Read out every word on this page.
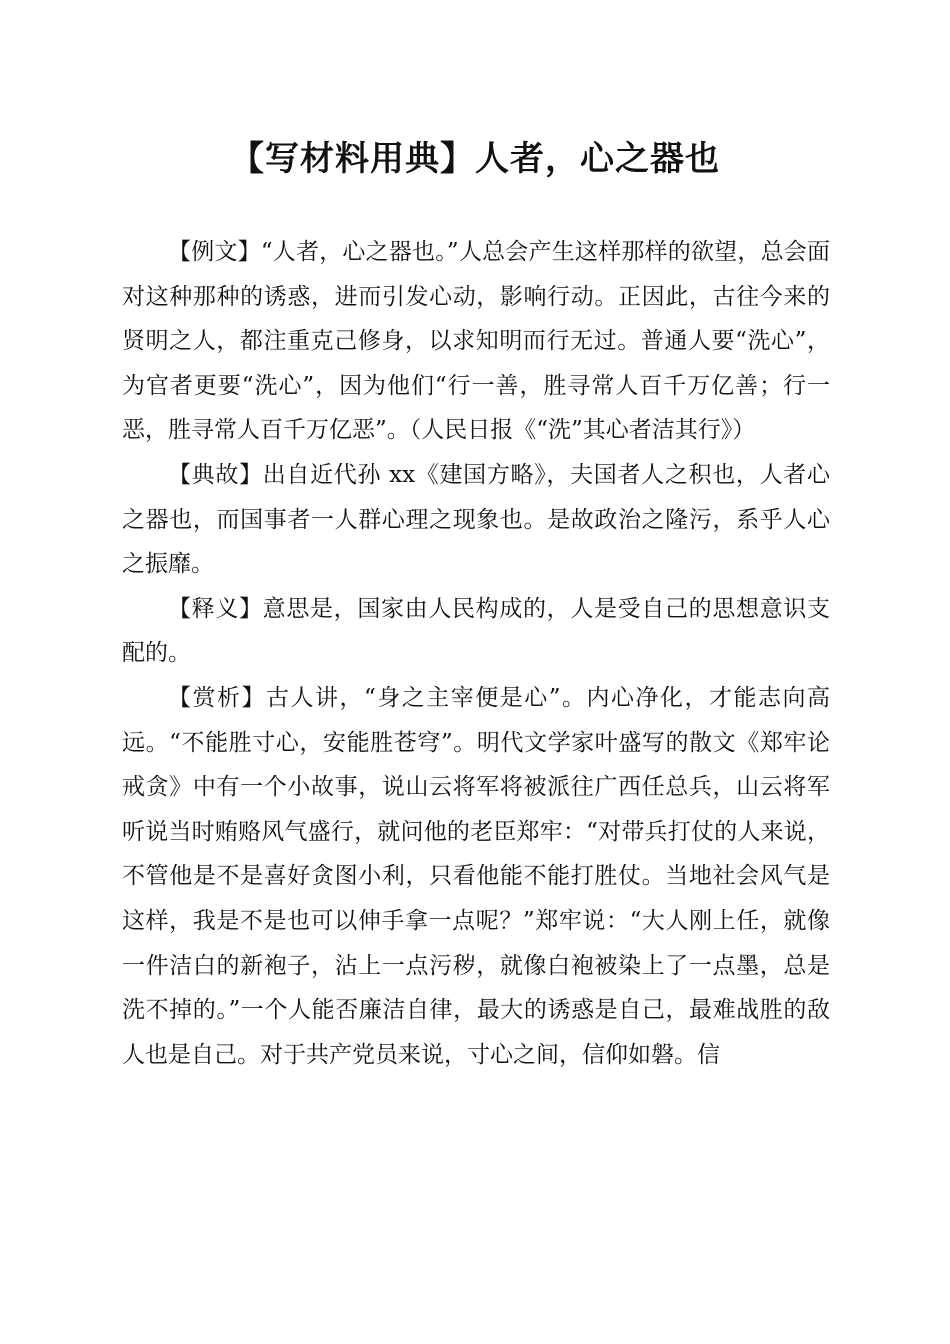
【写材料用典】人者，心之器也

【例文】“人者，心之器也。”人总会产生这样那样的欲望，总会面对这种那种的诱惑，进而引发心动，影响行动。正因此，古往今来的贤明之人，都注重克己修身，以求知明而行无过。普通人要“洗心”，为官者更要“洗心”，因为他们“行一善，胜寻常人百千万亿善；行一恶，胜寻常人百千万亿恶”。（人民日报《“洗”其心者洁其行》）

【典故】出自近代孙 xx《建国方略》，夫国者人之积也，人者心之器也，而国事者一人群心理之现象也。是故政治之隆污，系乎人心之振靡。

【释义】意思是，国家由人民构成的，人是受自己的思想意识支配的。

【赏析】古人讲，“身之主宰便是心”。内心净化，才能志向高远。“不能胜寸心，安能胜苍穹”。明代文学家叶盛写的散文《郑牢论戒贪》中有一个小故事，说山云将军将被派往广西任总兵，山云将军听说当时贿赂风气盛行，就问他的老臣郑牢：“对带兵打仗的人来说，不管他是不是喜好贪图小利，只看他能不能打胜仗。当地社会风气是这样，我是不是也可以伸手拿一点呢？”郑牢说：“大人刚上任，就像一件洁白的新袍子，沾上一点污秽，就像白袍被染上了一点墨，总是洗不掉的。”一个人能否廉洁自律，最大的诱惑是自己，最难战胜的敌人也是自己。对于共产党员来说，寸心之间，信仰如磐。信
